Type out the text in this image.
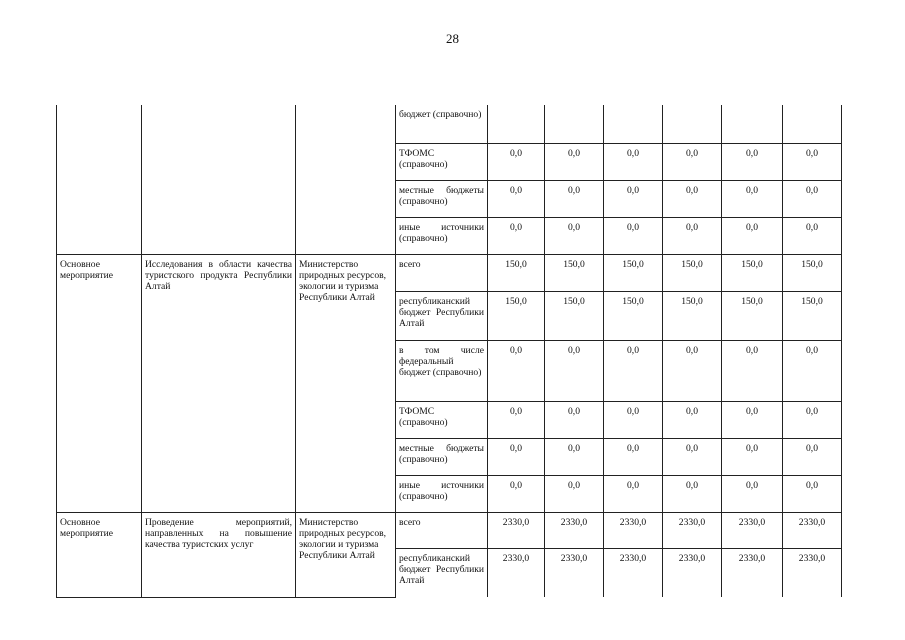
28
			бюджет (справочно)						
			ТФОМС (справочно)	0,0	0,0	0,0	0,0	0,0	0,0
			местные бюджеты (справочно)	0,0	0,0	0,0	0,0	0,0	0,0
			иные источники (справочно)	0,0	0,0	0,0	0,0	0,0	0,0
Основное мероприятие	Исследования в области качества туристского продукта Республики Алтай	Министерство природных ресурсов, экологии и туризма Республики Алтай	всего	150,0	150,0	150,0	150,0	150,0	150,0
			республиканский бюджет Республики Алтай	150,0	150,0	150,0	150,0	150,0	150,0
			в том числе федеральный бюджет (справочно)	0,0	0,0	0,0	0,0	0,0	0,0
			ТФОМС (справочно)	0,0	0,0	0,0	0,0	0,0	0,0
			местные бюджеты (справочно)	0,0	0,0	0,0	0,0	0,0	0,0
			иные источники (справочно)	0,0	0,0	0,0	0,0	0,0	0,0
Основное мероприятие	Проведение мероприятий, направленных на повышение качества туристских услуг	Министерство природных ресурсов, экологии и туризма Республики Алтай	всего	2330,0	2330,0	2330,0	2330,0	2330,0	2330,0
			республиканский бюджет Республики Алтай	2330,0	2330,0	2330,0	2330,0	2330,0	2330,0
